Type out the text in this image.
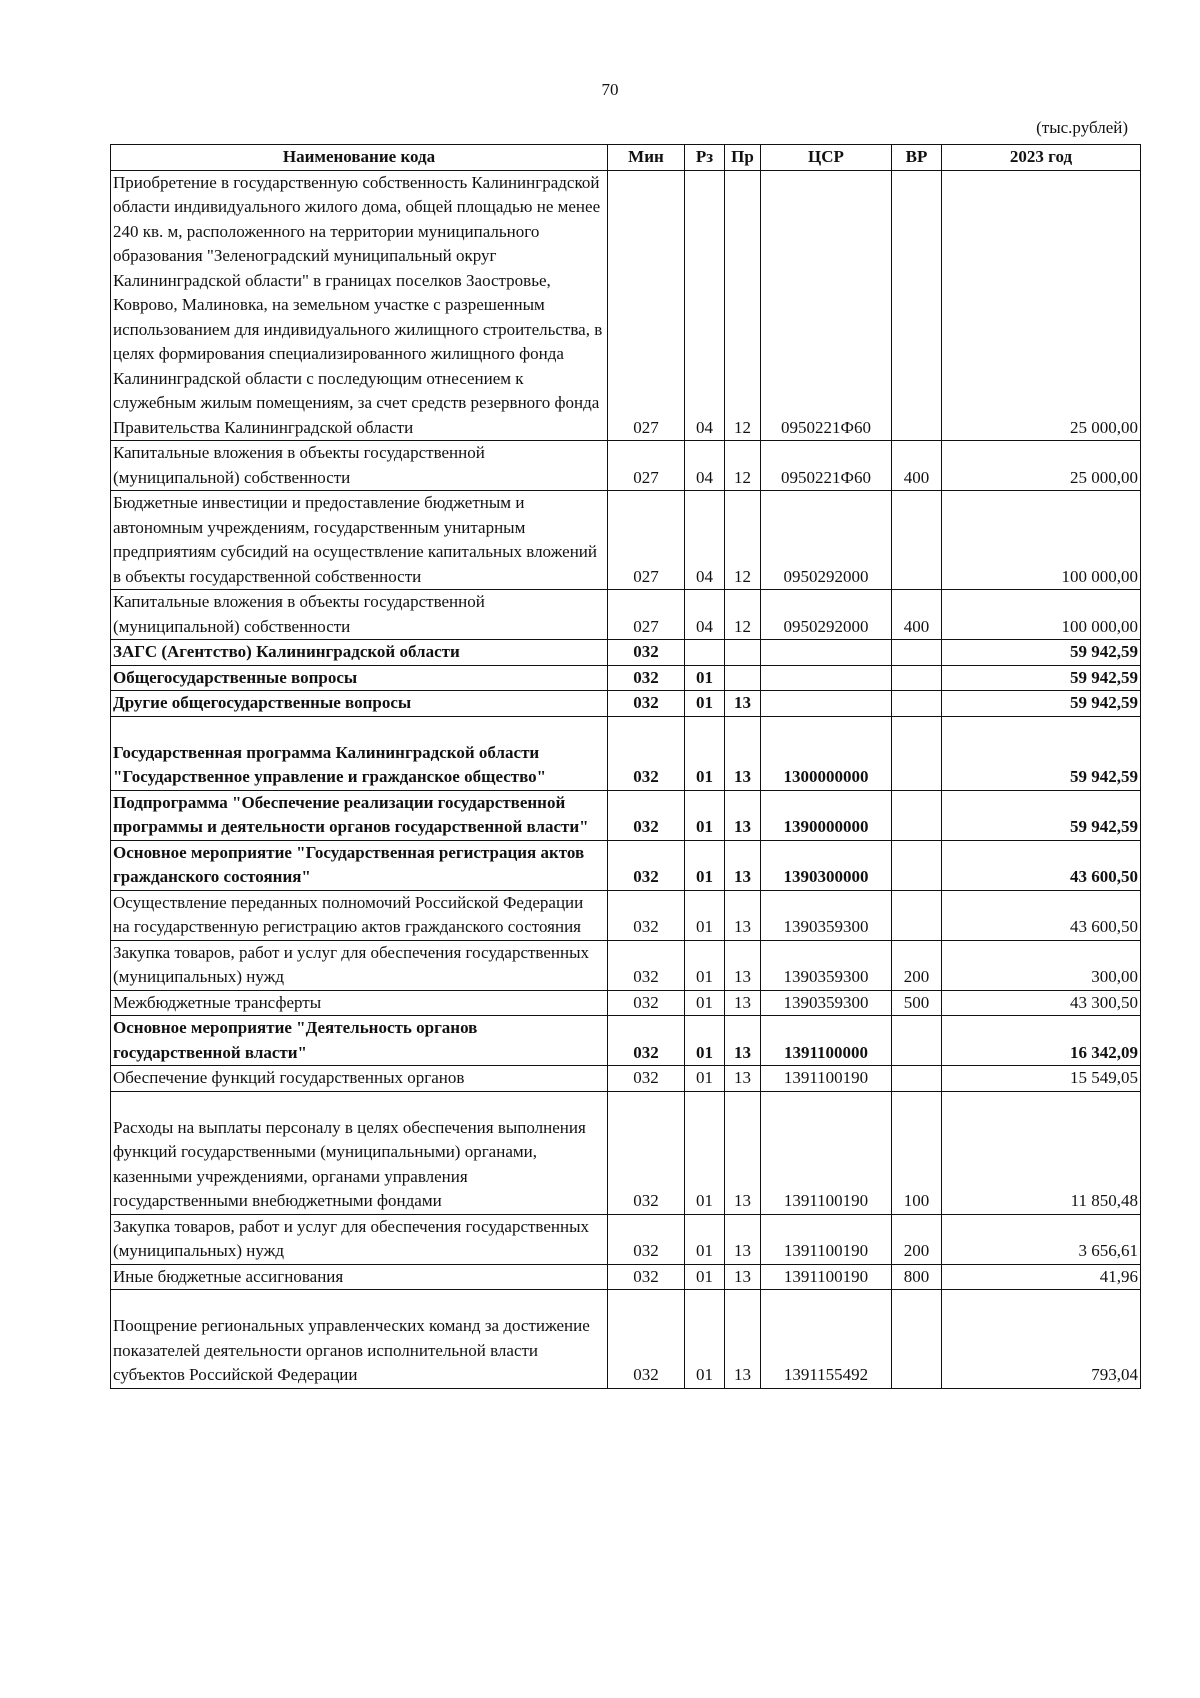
70
(тыс.рублей)
Наименование кода	Мин	Рз	Пр	ЦСР	ВР	2023 год
Приобретение в государственную собственность Калининградской области индивидуального жилого дома, общей площадью не менее 240 кв. м, расположенного на территории муниципального образования "Зеленоградский муниципальный округ Калининградской области" в границах поселков Заостровье, Коврово, Малиновка, на земельном участке с разрешенным использованием для индивидуального жилищного строительства, в целях формирования специализированного жилищного фонда Калининградской области с последующим отнесением к служебным жилым помещениям, за счет средств резервного фонда Правительства Калининградской области	027	04	12	0950221Ф60		25 000,00
Капитальные вложения в объекты государственной (муниципальной) собственности	027	04	12	0950221Ф60	400	25 000,00
Бюджетные инвестиции и предоставление бюджетным и автономным учреждениям, государственным унитарным предприятиям субсидий на осуществление капитальных вложений в объекты государственной собственности	027	04	12	0950292000		100 000,00
Капитальные вложения в объекты государственной (муниципальной) собственности	027	04	12	0950292000	400	100 000,00
ЗАГС (Агентство) Калининградской области	032					59 942,59
Общегосударственные вопросы	032	01				59 942,59
Другие общегосударственные вопросы	032	01	13			59 942,59

Государственная программа Калининградской области "Государственное управление и гражданское общество"	032	01	13	1300000000		59 942,59
Подпрограмма "Обеспечение реализации государственной программы и деятельности органов государственной власти"	032	01	13	1390000000		59 942,59
Основное мероприятие "Государственная регистрация актов гражданского состояния"	032	01	13	1390300000		43 600,50
Осуществление переданных полномочий Российской Федерации на государственную регистрацию актов гражданского состояния	032	01	13	1390359300		43 600,50
Закупка товаров, работ и услуг для обеспечения государственных (муниципальных) нужд	032	01	13	1390359300	200	300,00
Межбюджетные трансферты	032	01	13	1390359300	500	43 300,50
Основное мероприятие "Деятельность органов государственной власти"	032	01	13	1391100000		16 342,09
Обеспечение функций государственных органов	032	01	13	1391100190		15 549,05

Расходы на выплаты персоналу в целях обеспечения выполнения функций государственными (муниципальными) органами, казенными учреждениями, органами управления государственными внебюджетными фондами	032	01	13	1391100190	100	11 850,48
Закупка товаров, работ и услуг для обеспечения государственных (муниципальных) нужд	032	01	13	1391100190	200	3 656,61
Иные бюджетные ассигнования	032	01	13	1391100190	800	41,96

Поощрение региональных управленческих команд за достижение показателей деятельности органов исполнительной власти субъектов Российской Федерации	032	01	13	1391155492		793,04
